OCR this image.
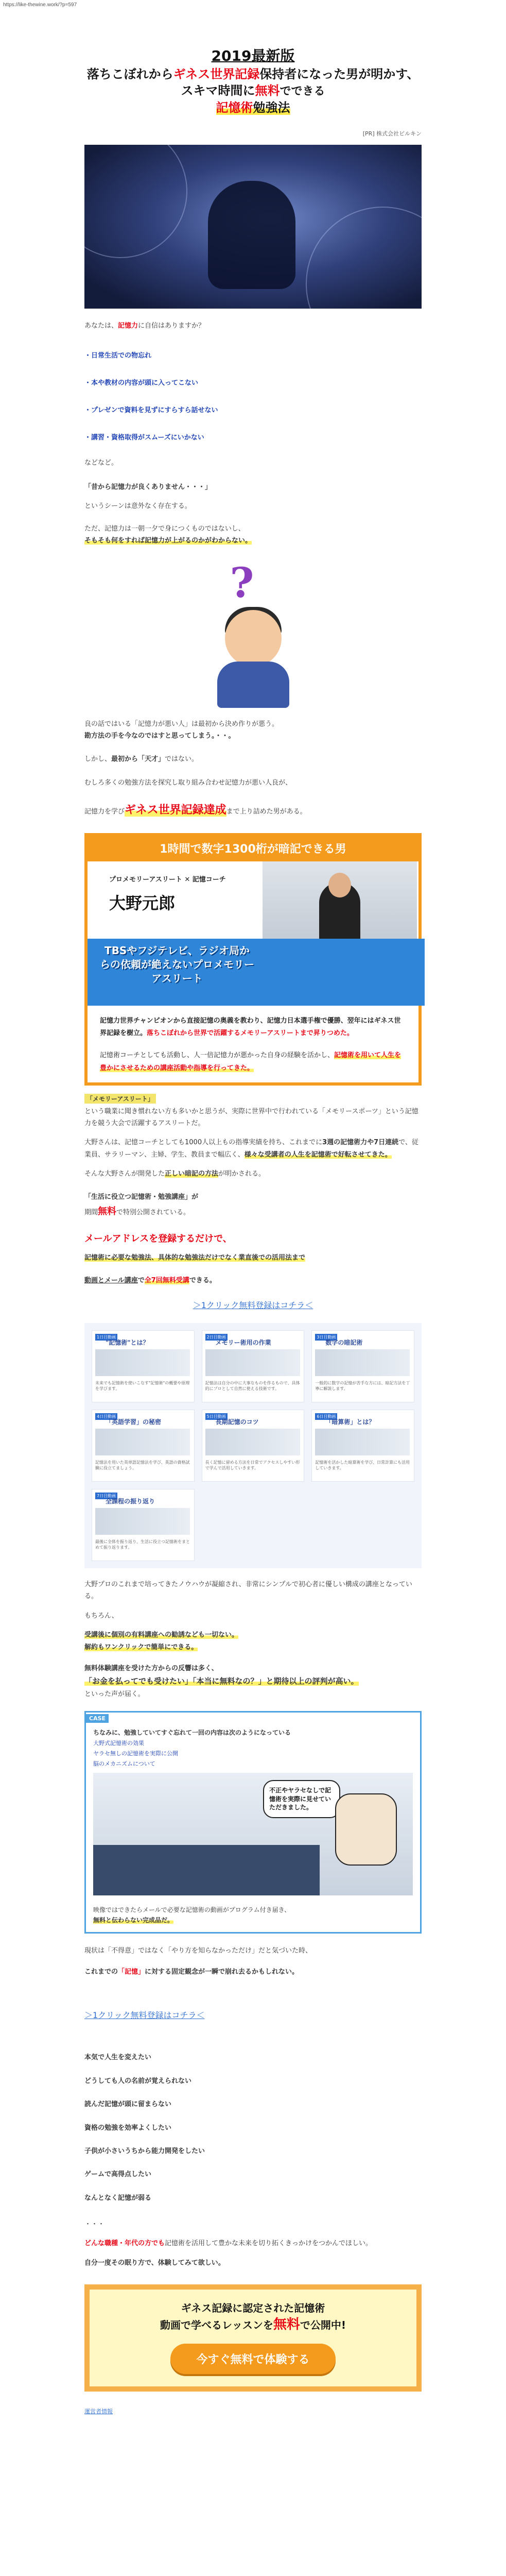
https://like-thewine.work/?p=597
2019最新版
落ちこぼれからギネス世界記録保持者になった男が明かす、
スキマ時間に無料でできる
記憶術勉強法
[PR] 株式会社ビルキン

あなたは、記憶力に自信はありますか？

・ 日常生活での物忘れ
・ 本や教材の内容が頭に入ってこない
・ プレゼンで資料を見ずにすらすら話せない
・ 講習・資格取得がスムーズにいかない

などなど。

「昔から記憶力が良くありません・・・」

というシーンは意外なく存在する。

ただ、記憶力は一朝一夕で身につくものではないし、

そもそも何をすれば記憶力が上がるのかがわからない。

?

良の話ではいる「記憶力が悪い人」は最初から決め作りが悪う。

勘方法の手を今なのではすと思ってしまう。・・。

しかし、最初から「天才」ではない。

むしろ多くの勉強方法を探究し取り組み合わせ記憶力が悪い人良が、

記憶力を学びギネス世界記録達成まで上り詰めた男がある。

1時間で数字1300桁が暗記できる男
プロメモリーアスリート ✕ 記憶コーチ
大野元郎
TBSやフジテレビ、ラジオ局からの依頼が絶えないプロメモリーアスリート

記憶力世界チャンピオンから直接記憶の奥義を教わり、記憶力日本選手権で優勝、翌年にはギネス世界記録を樹立。落ちこぼれから世界で活躍するメモリーアスリートまで昇りつめた。

記憶術コーチとしても活動し、人一倍記憶力が悪かった自身の経験を活かし、記憶術を用いて人生を豊かにさせるための講座活動や指導を行ってきた。

「メモリーアスリート」

という職業に聞き慣れない方も多いかと思うが、実際に世界中で行われている「メモリースポーツ」という記憶力を競う大会で活躍するアスリートだ。

大野さんは、記憶コーチとしても1000人以上もの指導実績を持ち、これまでに3週の記憶術力や7日連続で、従業員、サラリーマン、主婦、学生、教員まで幅広く、様々な受講者の人生を記憶術で好転させてきた。

そんな大野さんが開発した正しい暗記の方法が明かされる。

「生活に役立つ記憶術・勉強講座」が

期間無料で特別公開されている。

メールアドレスを登録するだけで、

記憶術に必要な勉強法、具体的な勉強法だけでなく業直後での活用法まで

動画とメール講座で全7回無料受講できる。

＞1クリック無料登録はコチラ＜
1日目動画
"記憶術"とは？
未来でも記憶術を使いこなす"記憶術"の概要や原理を学びます。
2日目動画
メモリー術用の作業
記憶法は自分の中に大事なものを作るもので、具体的にプロとして自然に使える技術です。
3日目動画
数字の暗記術
一般的に数字の記憶が苦手な方には、暗記方法を丁寧に解説します。
4日目動画
「英語学習」の秘密
記憶法を用いた英単語記憶法を学び、英語の資格試験に役立てましょう。
5日目動画
長期記憶のコツ
長く記憶に留める方法を日常でアクセスしやすい形で学んで活用していきます。
6日目動画
「暗算術」とは？
記憶術を活かした暗算術を学び、日常計算にも活用していきます。
7日目動画
全課程の振り返り
最後に全体を振り返り、生活に役立つ記憶術をまとめて振り返ります。

大野プロのこれまで培ってきたノウハウが凝縮され、非常にシンプルで初心者に優しい構成の講座となっている。

もちろん、

受講後に個別の有料講座への勧誘なども一切ない。

解約もワンクリックで簡単にできる。

無料体験講座を受けた方からの反響は多く、

「お金を払ってでも受けたい」「本当に無料なの？」と期待以上の評判が高い。

といった声が届く。

CASE
ちなみに、勉強していてすぐ忘れて一回の内容は次のようになっている
大野式記憶術の効果
ヤラセ無しの記憶術を実際に公開
脳のメカニズムについて
不正やヤラセなしで記憶術を実際に見せていただきました。

映像ではできたらメールで必要な記憶術の動画がプログラム付き届き、

無料と伝わらない完成品だ。

現状は「不得意」ではなく「やり方を知らなかっただけ」だと気づいた時、

これまでの「記憶」に対する固定観念が一瞬で崩れ去るかもしれない。

＞1クリック無料登録はコチラ＜

本気で人生を変えたい

どうしても人の名前が覚えられない

読んだ記憶が頭に留まらない

資格の勉強を効率よくしたい

子供が小さいうちから能力開発をしたい

ゲームで高得点したい

なんとなく記憶が弱る

・・・

どんな職種・年代の方でも記憶術を活用して豊かな未来を切り拓くきっかけをつかんでほしい。

自分一度その眠り方で、体験してみて欲しい。

ギネス記録に認定された記憶術
動画で学べるレッスンを無料で公開中!
今すぐ無料で体験する
運営者情報
